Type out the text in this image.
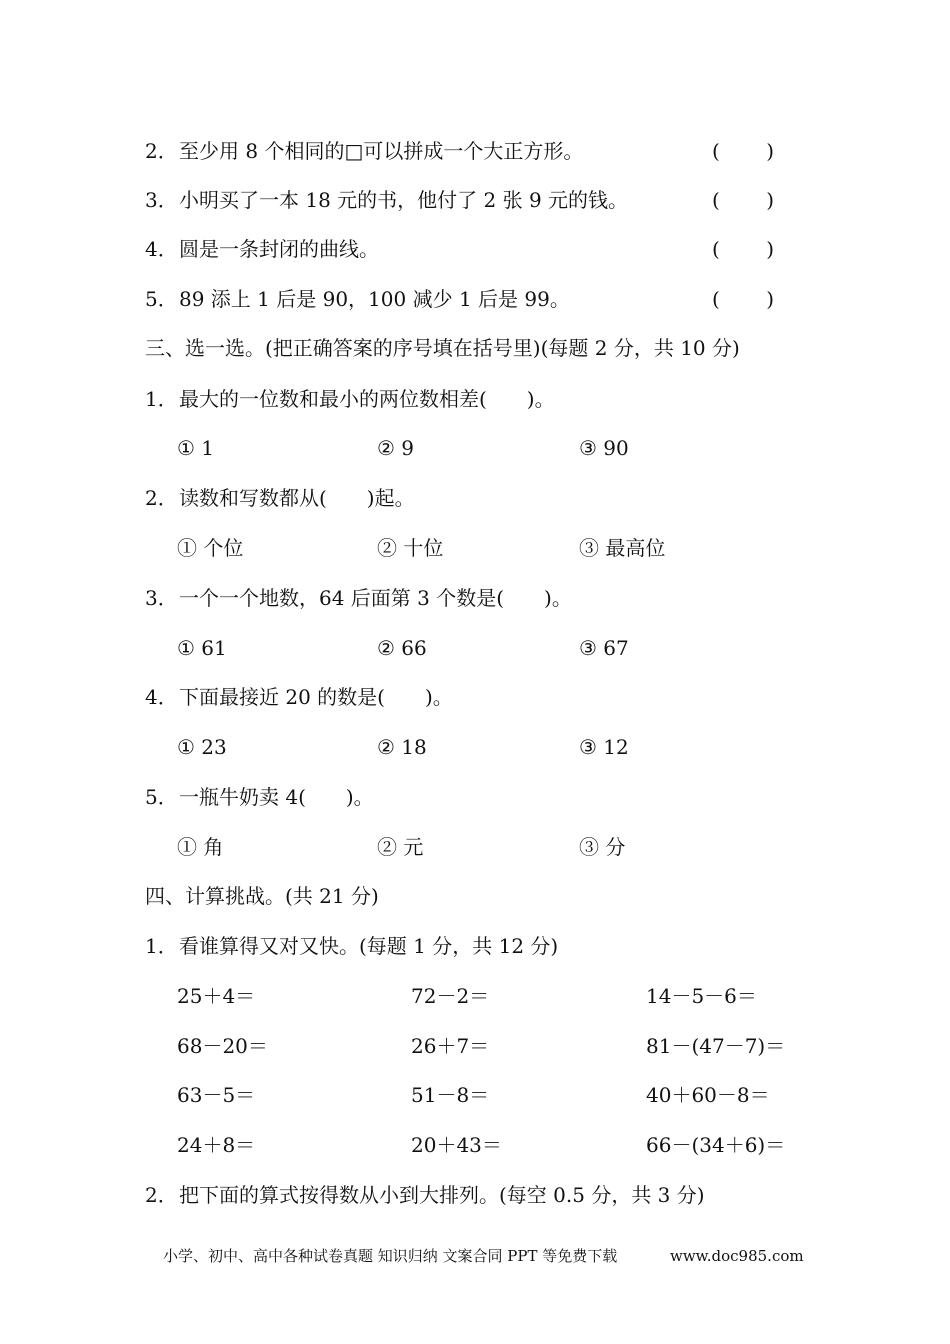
2． 至少用 8 个相同的□可以拼成一个大正方形。	( )
3． 小明买了一本 18 元的书，他付了 2 张 9 元的钱。	( )
4． 圆是一条封闭的曲线。	( )
5． 89 添上 1 后是 90，100 减少 1 后是 99。	( )
三、选一选。(把正确答案的序号填在括号里)(每题 2 分，共 10 分)
1． 最大的一位数和最小的两位数相差(　　)。
① 1	② 9	③ 90
2． 读数和写数都从(　　)起。
① 个位	② 十位	③ 最高位
3． 一个一个地数，64 后面第 3 个数是(　　)。
① 61	② 66	③ 67
4． 下面最接近 20 的数是(　　)。
① 23	② 18	③ 12
5． 一瓶牛奶卖 4(　　)。
① 角	② 元	③ 分
四、计算挑战。(共 21 分)
1． 看谁算得又对又快。(每题 1 分，共 12 分)
25＋4＝	72－2＝	14－5－6＝
68－20＝	26＋7＝	81－(47－7)＝
63－5＝	51－8＝	40＋60－8＝
24＋8＝	20＋43＝	66－(34＋6)＝
2． 把下面的算式按得数从小到大排列。(每空 0.5 分，共 3 分)
小学、初中、高中各种试卷真题 知识归纳 文案合同 PPT 等免费下载	www.doc985.com
